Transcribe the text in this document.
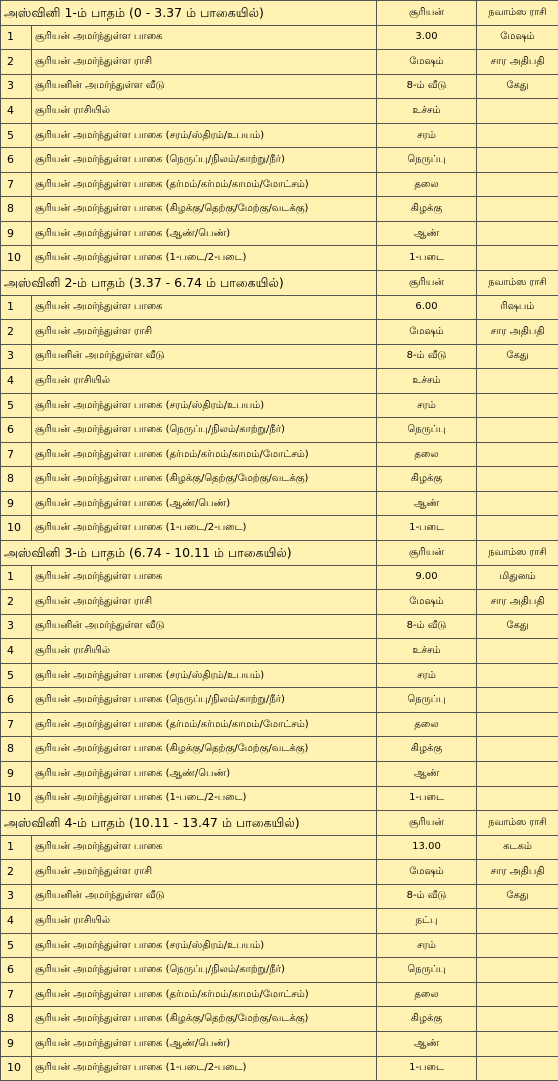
அஸ்வினி 1-ம் பாதம் (0 - 3.37 ம் பாகையில்)		சூரியன்	நவாம்ஸ ராசி
1	சூரியன் அமர்ந்துள்ள பாகை	3.00	மேஷம்
2	சூரியன் அமர்ந்துள்ள ராசி	மேஷம்	சார அதிபதி
3	சூரியனின் அமர்ந்துள்ள வீடு	8-ம் வீடு	கேது
4	சூரியன் ராசியில்	உச்சம்	
5	சூரியன் அமர்ந்துள்ள பாகை (சரம்/ஸ்திரம்/உபயம்)	சரம்	
6	சூரியன் அமர்ந்துள்ள பாகை (நெருப்பு/நிலம்/காற்று/நீர்)	நெருப்பு	
7	சூரியன் அமர்ந்துள்ள பாகை (தர்மம்/கர்மம்/காமம்/மோட்சம்)	தலை	
8	சூரியன் அமர்ந்துள்ள பாகை (கிழக்கு/தெற்கு/மேற்கு/வடக்கு)	கிழக்கு	
9	சூரியன் அமர்ந்துள்ள பாகை (ஆண்/பெண்)	ஆண்	
10	சூரியன் அமர்ந்துள்ள பாகை (1-படை/2-படை)	1-படை	
அஸ்வினி 2-ம் பாதம் (3.37 - 6.74 ம் பாகையில்)		சூரியன்	நவாம்ஸ ராசி
1	சூரியன் அமர்ந்துள்ள பாகை	6.00	ரிஷபம்
2	சூரியன் அமர்ந்துள்ள ராசி	மேஷம்	சார அதிபதி
3	சூரியனின் அமர்ந்துள்ள வீடு	8-ம் வீடு	கேது
4	சூரியன் ராசியில்	உச்சம்	
5	சூரியன் அமர்ந்துள்ள பாகை (சரம்/ஸ்திரம்/உபயம்)	சரம்	
6	சூரியன் அமர்ந்துள்ள பாகை (நெருப்பு/நிலம்/காற்று/நீர்)	நெருப்பு	
7	சூரியன் அமர்ந்துள்ள பாகை (தர்மம்/கர்மம்/காமம்/மோட்சம்)	தலை	
8	சூரியன் அமர்ந்துள்ள பாகை (கிழக்கு/தெற்கு/மேற்கு/வடக்கு)	கிழக்கு	
9	சூரியன் அமர்ந்துள்ள பாகை (ஆண்/பெண்)	ஆண்	
10	சூரியன் அமர்ந்துள்ள பாகை (1-படை/2-படை)	1-படை	
அஸ்வினி 3-ம் பாதம் (6.74 - 10.11 ம் பாகையில்)		சூரியன்	நவாம்ஸ ராசி
1	சூரியன் அமர்ந்துள்ள பாகை	9.00	மிதுனம்
2	சூரியன் அமர்ந்துள்ள ராசி	மேஷம்	சார அதிபதி
3	சூரியனின் அமர்ந்துள்ள வீடு	8-ம் வீடு	கேது
4	சூரியன் ராசியில்	உச்சம்	
5	சூரியன் அமர்ந்துள்ள பாகை (சரம்/ஸ்திரம்/உபயம்)	சரம்	
6	சூரியன் அமர்ந்துள்ள பாகை (நெருப்பு/நிலம்/காற்று/நீர்)	நெருப்பு	
7	சூரியன் அமர்ந்துள்ள பாகை (தர்மம்/கர்மம்/காமம்/மோட்சம்)	தலை	
8	சூரியன் அமர்ந்துள்ள பாகை (கிழக்கு/தெற்கு/மேற்கு/வடக்கு)	கிழக்கு	
9	சூரியன் அமர்ந்துள்ள பாகை (ஆண்/பெண்)	ஆண்	
10	சூரியன் அமர்ந்துள்ள பாகை (1-படை/2-படை)	1-படை	
அஸ்வினி 4-ம் பாதம் (10.11 - 13.47 ம் பாகையில்)		சூரியன்	நவாம்ஸ ராசி
1	சூரியன் அமர்ந்துள்ள பாகை	13.00	கடகம்
2	சூரியன் அமர்ந்துள்ள ராசி	மேஷம்	சார அதிபதி
3	சூரியனின் அமர்ந்துள்ள வீடு	8-ம் வீடு	கேது
4	சூரியன் ராசியில்	நட்பு	
5	சூரியன் அமர்ந்துள்ள பாகை (சரம்/ஸ்திரம்/உபயம்)	சரம்	
6	சூரியன் அமர்ந்துள்ள பாகை (நெருப்பு/நிலம்/காற்று/நீர்)	நெருப்பு	
7	சூரியன் அமர்ந்துள்ள பாகை (தர்மம்/கர்மம்/காமம்/மோட்சம்)	தலை	
8	சூரியன் அமர்ந்துள்ள பாகை (கிழக்கு/தெற்கு/மேற்கு/வடக்கு)	கிழக்கு	
9	சூரியன் அமர்ந்துள்ள பாகை (ஆண்/பெண்)	ஆண்	
10	சூரியன் அமர்ந்துள்ள பாகை (1-படை/2-படை)	1-படை	
